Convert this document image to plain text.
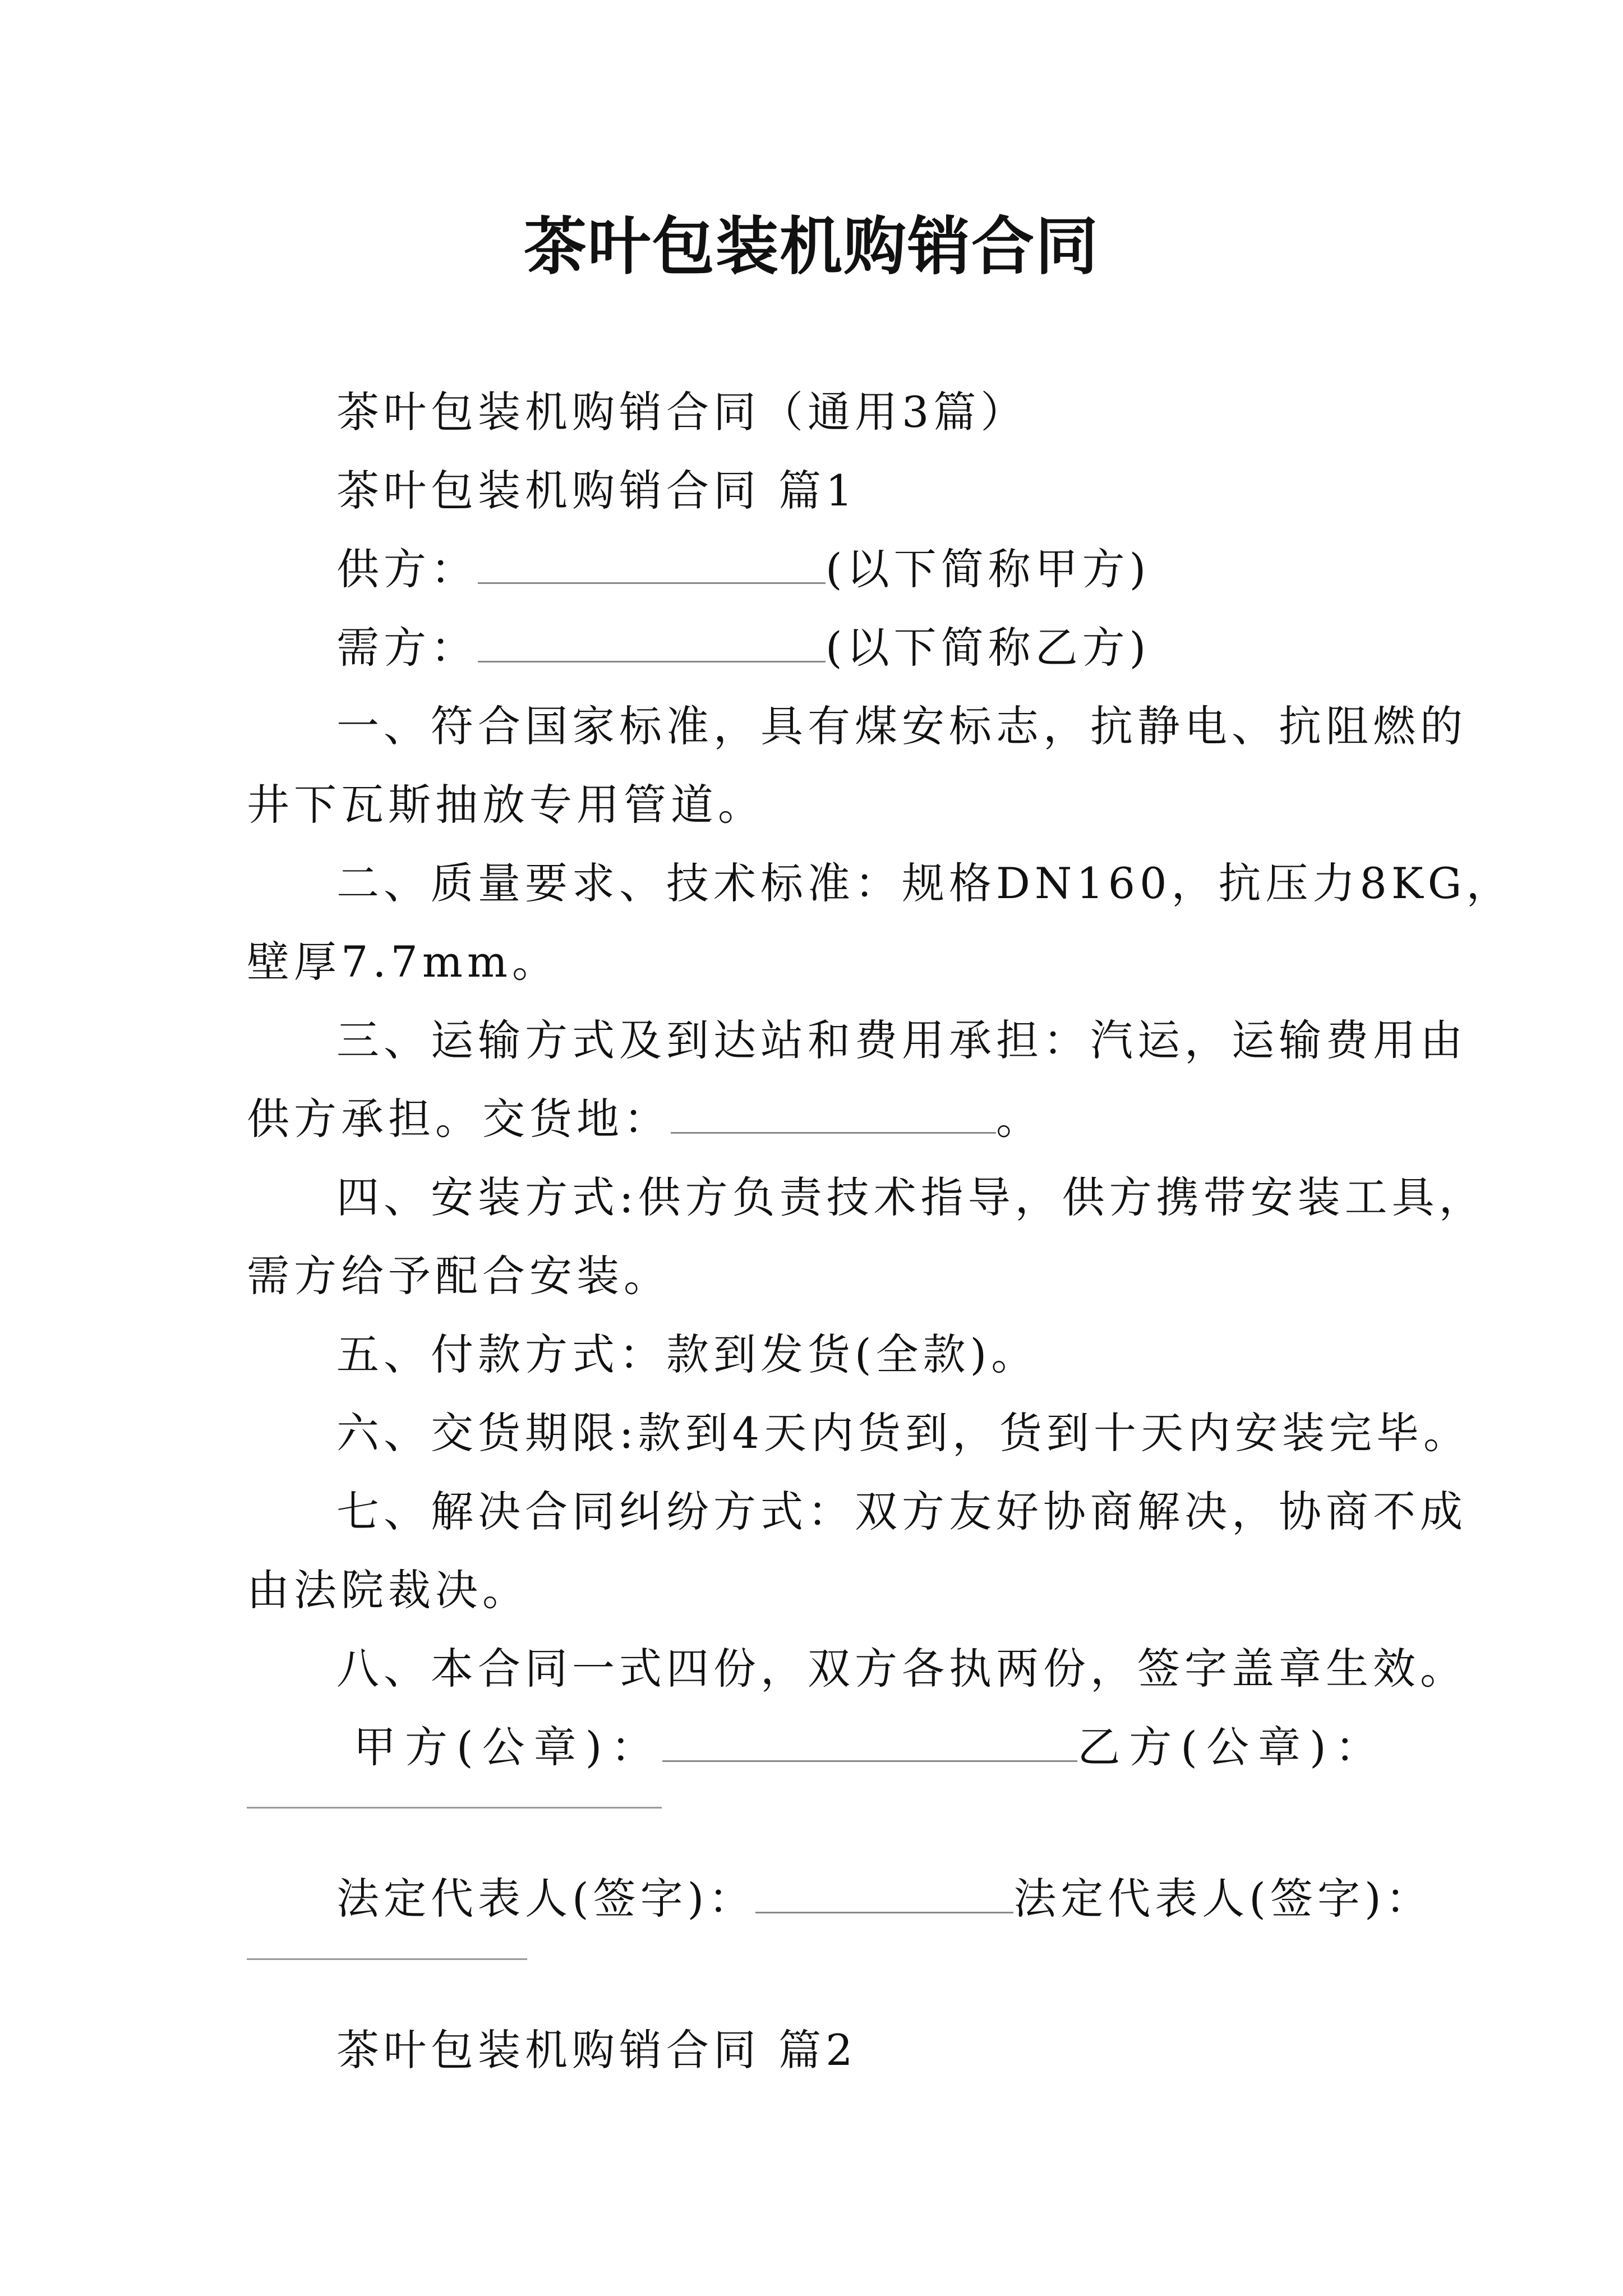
茶叶包装机购销合同
茶叶包装机购销合同（通用3篇）
茶叶包装机购销合同 篇1
供方：	(以下简称甲方)
需方：	(以下简称乙方)
一、符合国家标准，具有煤安标志，抗静电、抗阻燃的
井下瓦斯抽放专用管道。
二、质量要求、技术标准：规格DN160，抗压力8KG，
壁厚7.7mm。
三、运输方式及到达站和费用承担：汽运，运输费用由
供方承担。交货地：	。
四、安装方式:供方负责技术指导，供方携带安装工具，
需方给予配合安装。
五、付款方式：款到发货(全款)。
六、交货期限:款到4天内货到，货到十天内安装完毕。
七、解决合同纠纷方式：双方友好协商解决，协商不成
由法院裁决。
八、本合同一式四份，双方各执两份，签字盖章生效。
甲方(公章)：	乙方(公章)：
法定代表人(签字)：	法定代表人(签字)：
茶叶包装机购销合同 篇2
